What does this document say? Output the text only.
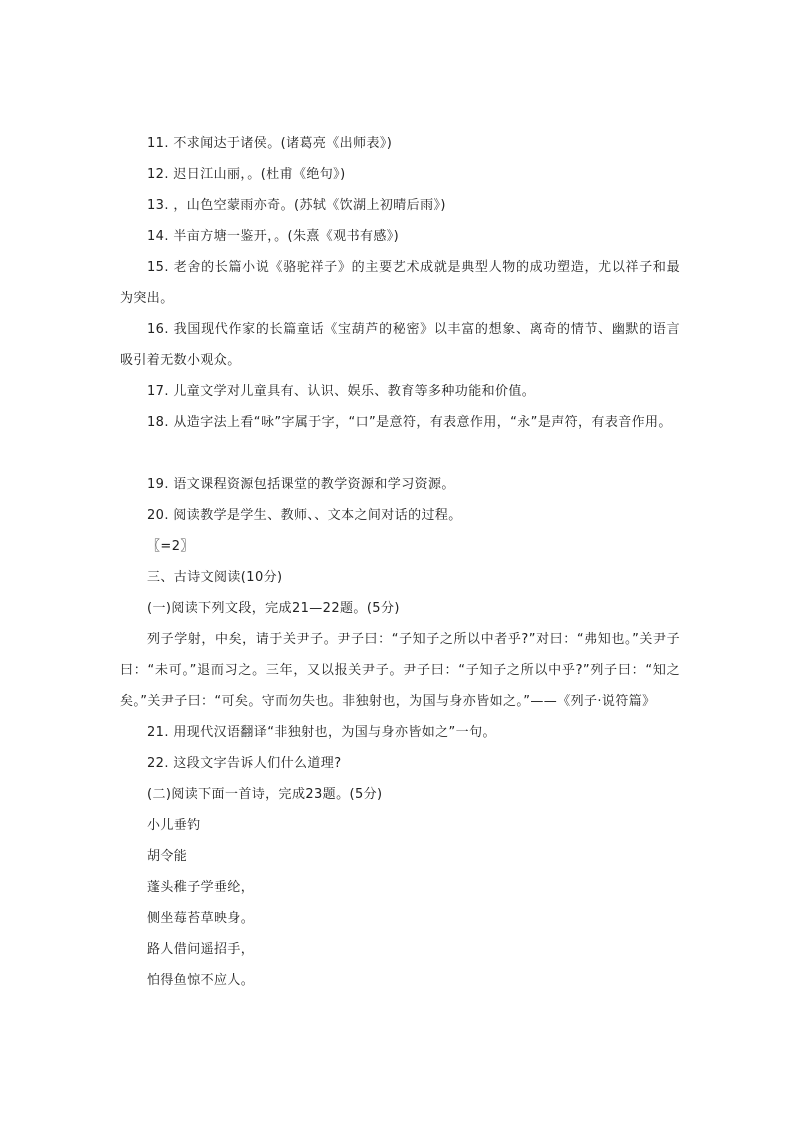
11. 不求闻达于诸侯。(诸葛亮《出师表》)
12. 迟日江山丽，。(杜甫《绝句》)
13. ，山色空蒙雨亦奇。(苏轼《饮湖上初晴后雨》)
14. 半亩方塘一鉴开，。(朱熹《观书有感》)
15. 老舍的长篇小说《骆驼祥子》的主要艺术成就是典型人物的成功塑造，尤以祥子和最为突出。
16. 我国现代作家的长篇童话《宝葫芦的秘密》以丰富的想象、离奇的情节、幽默的语言吸引着无数小观众。
17. 儿童文学对儿童具有、认识、娱乐、教育等多种功能和价值。
18. 从造字法上看“咏”字属于字，“口”是意符，有表意作用，“永”是声符，有表音作用。
19. 语文课程资源包括课堂的教学资源和学习资源。
20. 阅读教学是学生、教师、、文本之间对话的过程。
〖=2〗
三、古诗文阅读(10分)
(一)阅读下列文段，完成21—22题。(5分)
列子学射，中矣，请于关尹子。尹子曰：“子知子之所以中者乎?”对曰：“弗知也。”关尹子曰：“未可。”退而习之。三年，又以报关尹子。尹子曰：“子知子之所以中乎?”列子曰：“知之矣。”关尹子曰：“可矣。守而勿失也。非独射也，为国与身亦皆如之。”——《列子·说符篇》
21. 用现代汉语翻译“非独射也，为国与身亦皆如之”一句。
22. 这段文字告诉人们什么道理?
(二)阅读下面一首诗，完成23题。(5分)
小儿垂钓
胡令能
蓬头稚子学垂纶，
侧坐莓苔草映身。
路人借问遥招手，
怕得鱼惊不应人。
